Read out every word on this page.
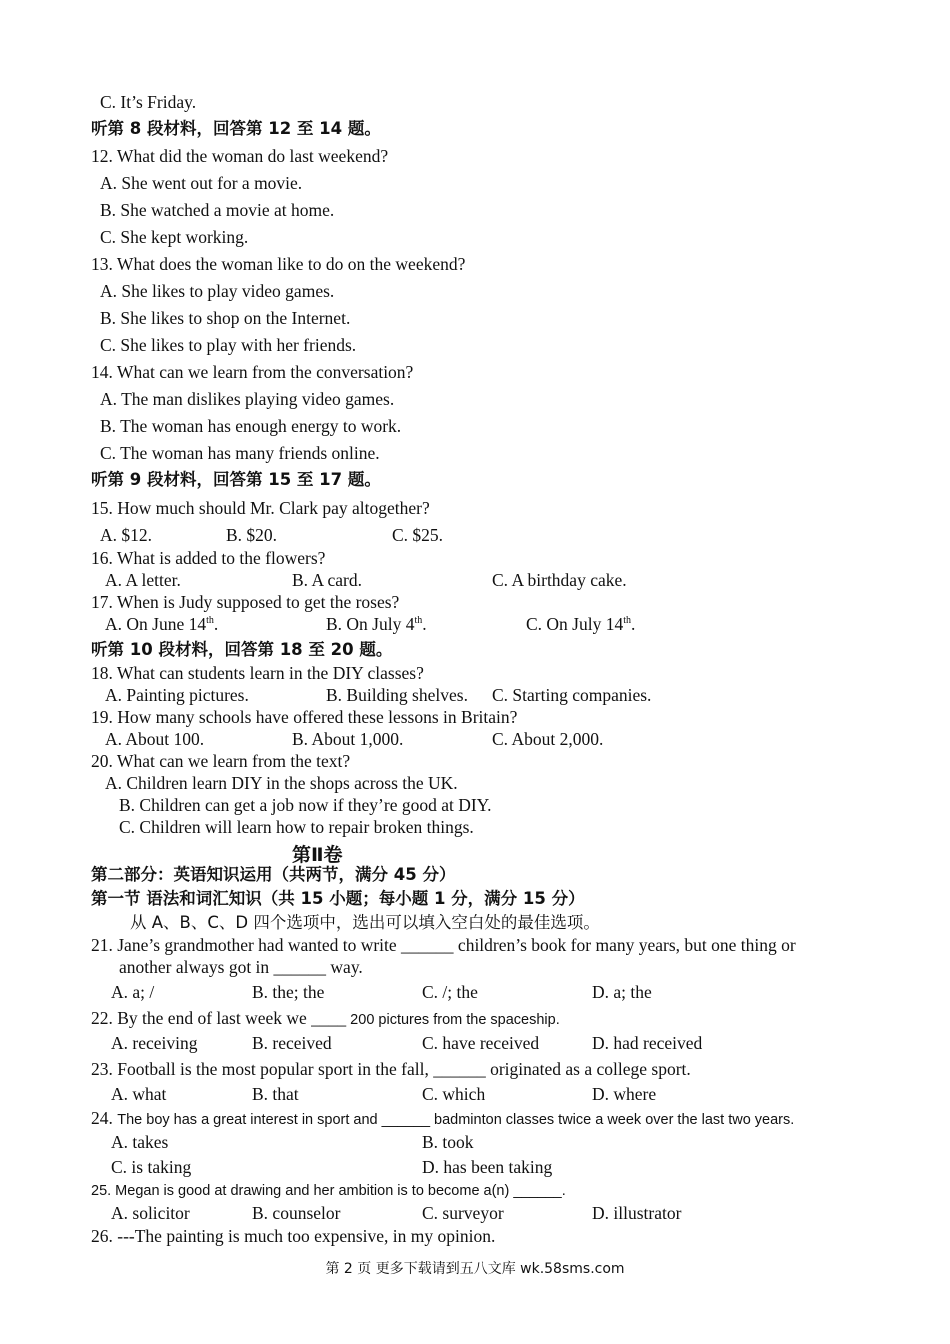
C. It’s Friday.
听第 8 段材料，回答第 12 至 14 题。
12. What did the woman do last weekend?
A. She went out for a movie.
B. She watched a movie at home.
C. She kept working.
13. What does the woman like to do on the weekend?
A. She likes to play video games.
B. She likes to shop on the Internet.
C. She likes to play with her friends.
14. What can we learn from the conversation?
A. The man dislikes playing video games.
B. The woman has enough energy to work.
C. The woman has many friends online.
听第 9 段材料，回答第 15 至 17 题。
15. How much should Mr. Clark pay altogether?
A. $12.	B. $20.	C. $25.
16. What is added to the flowers?
A. A letter.	B. A card.	C. A birthday cake.
17. When is Judy supposed to get the roses?
A. On June 14th.	B. On July 4th.	C. On July 14th.
听第 10 段材料，回答第 18 至 20 题。
18. What can students learn in the DIY classes?
A. Painting pictures.	B. Building shelves. C. Starting companies.
19. How many schools have offered these lessons in Britain?
A. About 100.	B. About 1,000.	C. About 2,000.
20. What can we learn from the text?
A. Children learn DIY in the shops across the UK.
B. Children can get a job now if they’re good at DIY.
C. Children will learn how to repair broken things.
第Ⅱ卷
第二部分：英语知识运用（共两节，满分 45 分）
第一节 语法和词汇知识（共 15 小题；每小题 1 分，满分 15 分）
从 A、B、C、D 四个选项中，选出可以填入空白处的最佳选项。
21. Jane’s grandmother had wanted to write ______ children’s book for many years, but one thing or
another always got in ______ way.
A. a; /	B. the; the	C. /; the	D. a; the
22. By the end of last week we ____ 200 pictures from the spaceship.
A. receiving	B. received	C. have received	D. had received
23. Football is the most popular sport in the fall, ______ originated as a college sport.
A. what	B. that	C. which	D. where
24. The boy has a great interest in sport and ______ badminton classes twice a week over the last two years.
A. takes	B. took
C. is taking	D. has been taking
25. Megan is good at drawing and her ambition is to become a(n) ______.
A. solicitor	B. counselor	C. surveyor	D. illustrator
26. ---The painting is much too expensive, in my opinion.
第 2 页 更多下载请到五八文库 wk.58sms.com
